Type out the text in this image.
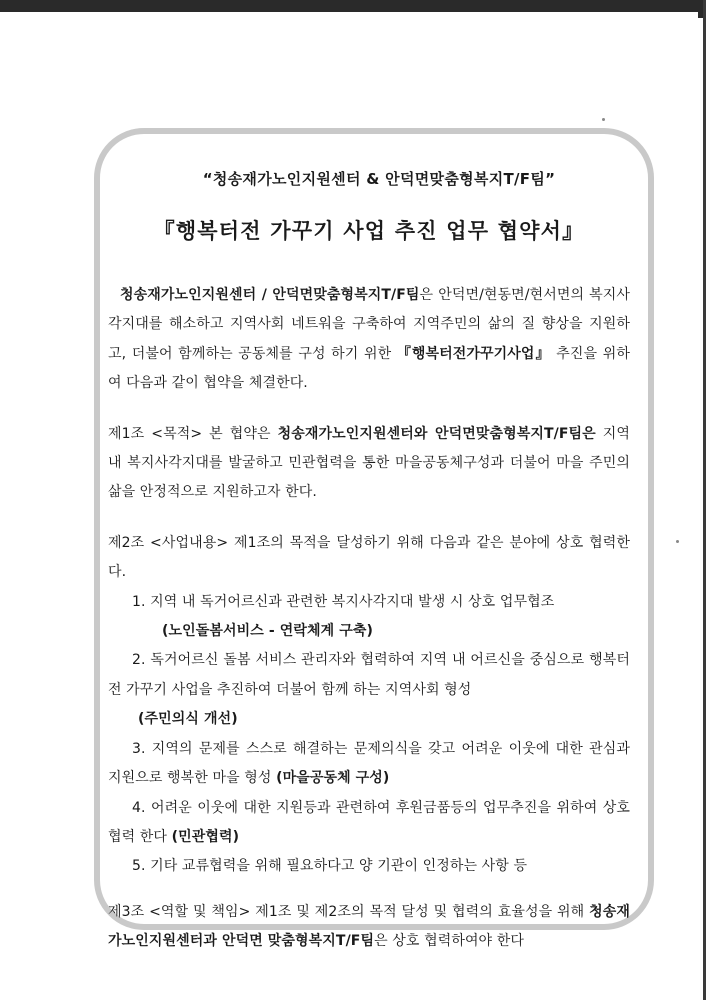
“청송재가노인지원센터 & 안덕면맞춤형복지T/F팀”
『행복터전 가꾸기 사업 추진 업무 협약서』

청송재가노인지원센터 / 안덕면맞춤형복지T/F팀은 안덕면/현동면/현서면의 복지사각지대를 해소하고 지역사회 네트워을 구축하여 지역주민의 삶의 질 향상을 지원하고, 더불어 함께하는 공동체를 구성 하기 위한 『행복터전가꾸기사업』 추진을 위하여 다음과 같이 협약을 체결한다.

제1조 <목적> 본 협약은 청송재가노인지원센터와 안덕면맞춤형복지T/F팀은 지역 내 복지사각지대를 발굴하고 민관협력을 통한 마을공동체구성과 더불어 마을 주민의 삶을 안정적으로 지원하고자 한다.

제2조 <사업내용> 제1조의 목적을 달성하기 위해 다음과 같은 분야에 상호 협력한다.

1. 지역 내 독거어르신과 관련한 복지사각지대 발생 시 상호 업무협조
(노인돌봄서비스 - 연락체계 구축)

2. 독거어르신 돌봄 서비스 관리자와 협력하여 지역 내 어르신을 중심으로 행복터전 가꾸기 사업을 추진하여 더불어 함께 하는 지역사회 형성

(주민의식 개선)

3. 지역의 문제를 스스로 해결하는 문제의식을 갖고 어려운 이웃에 대한 관심과 지원으로 행복한 마을 형성 (마을공동체 구성)

4. 어려운 이웃에 대한 지원등과 관련하여 후원금품등의 업무추진을 위하여 상호 협력 한다 (민관협력)

5. 기타 교류협력을 위해 필요하다고 양 기관이 인정하는 사항 등

제3조 <역할 및 책임> 제1조 및 제2조의 목적 달성 및 협력의 효율성을 위해 청송재가노인지원센터과 안덕면 맞춤형복지T/F팀은 상호 협력하여야 한다
